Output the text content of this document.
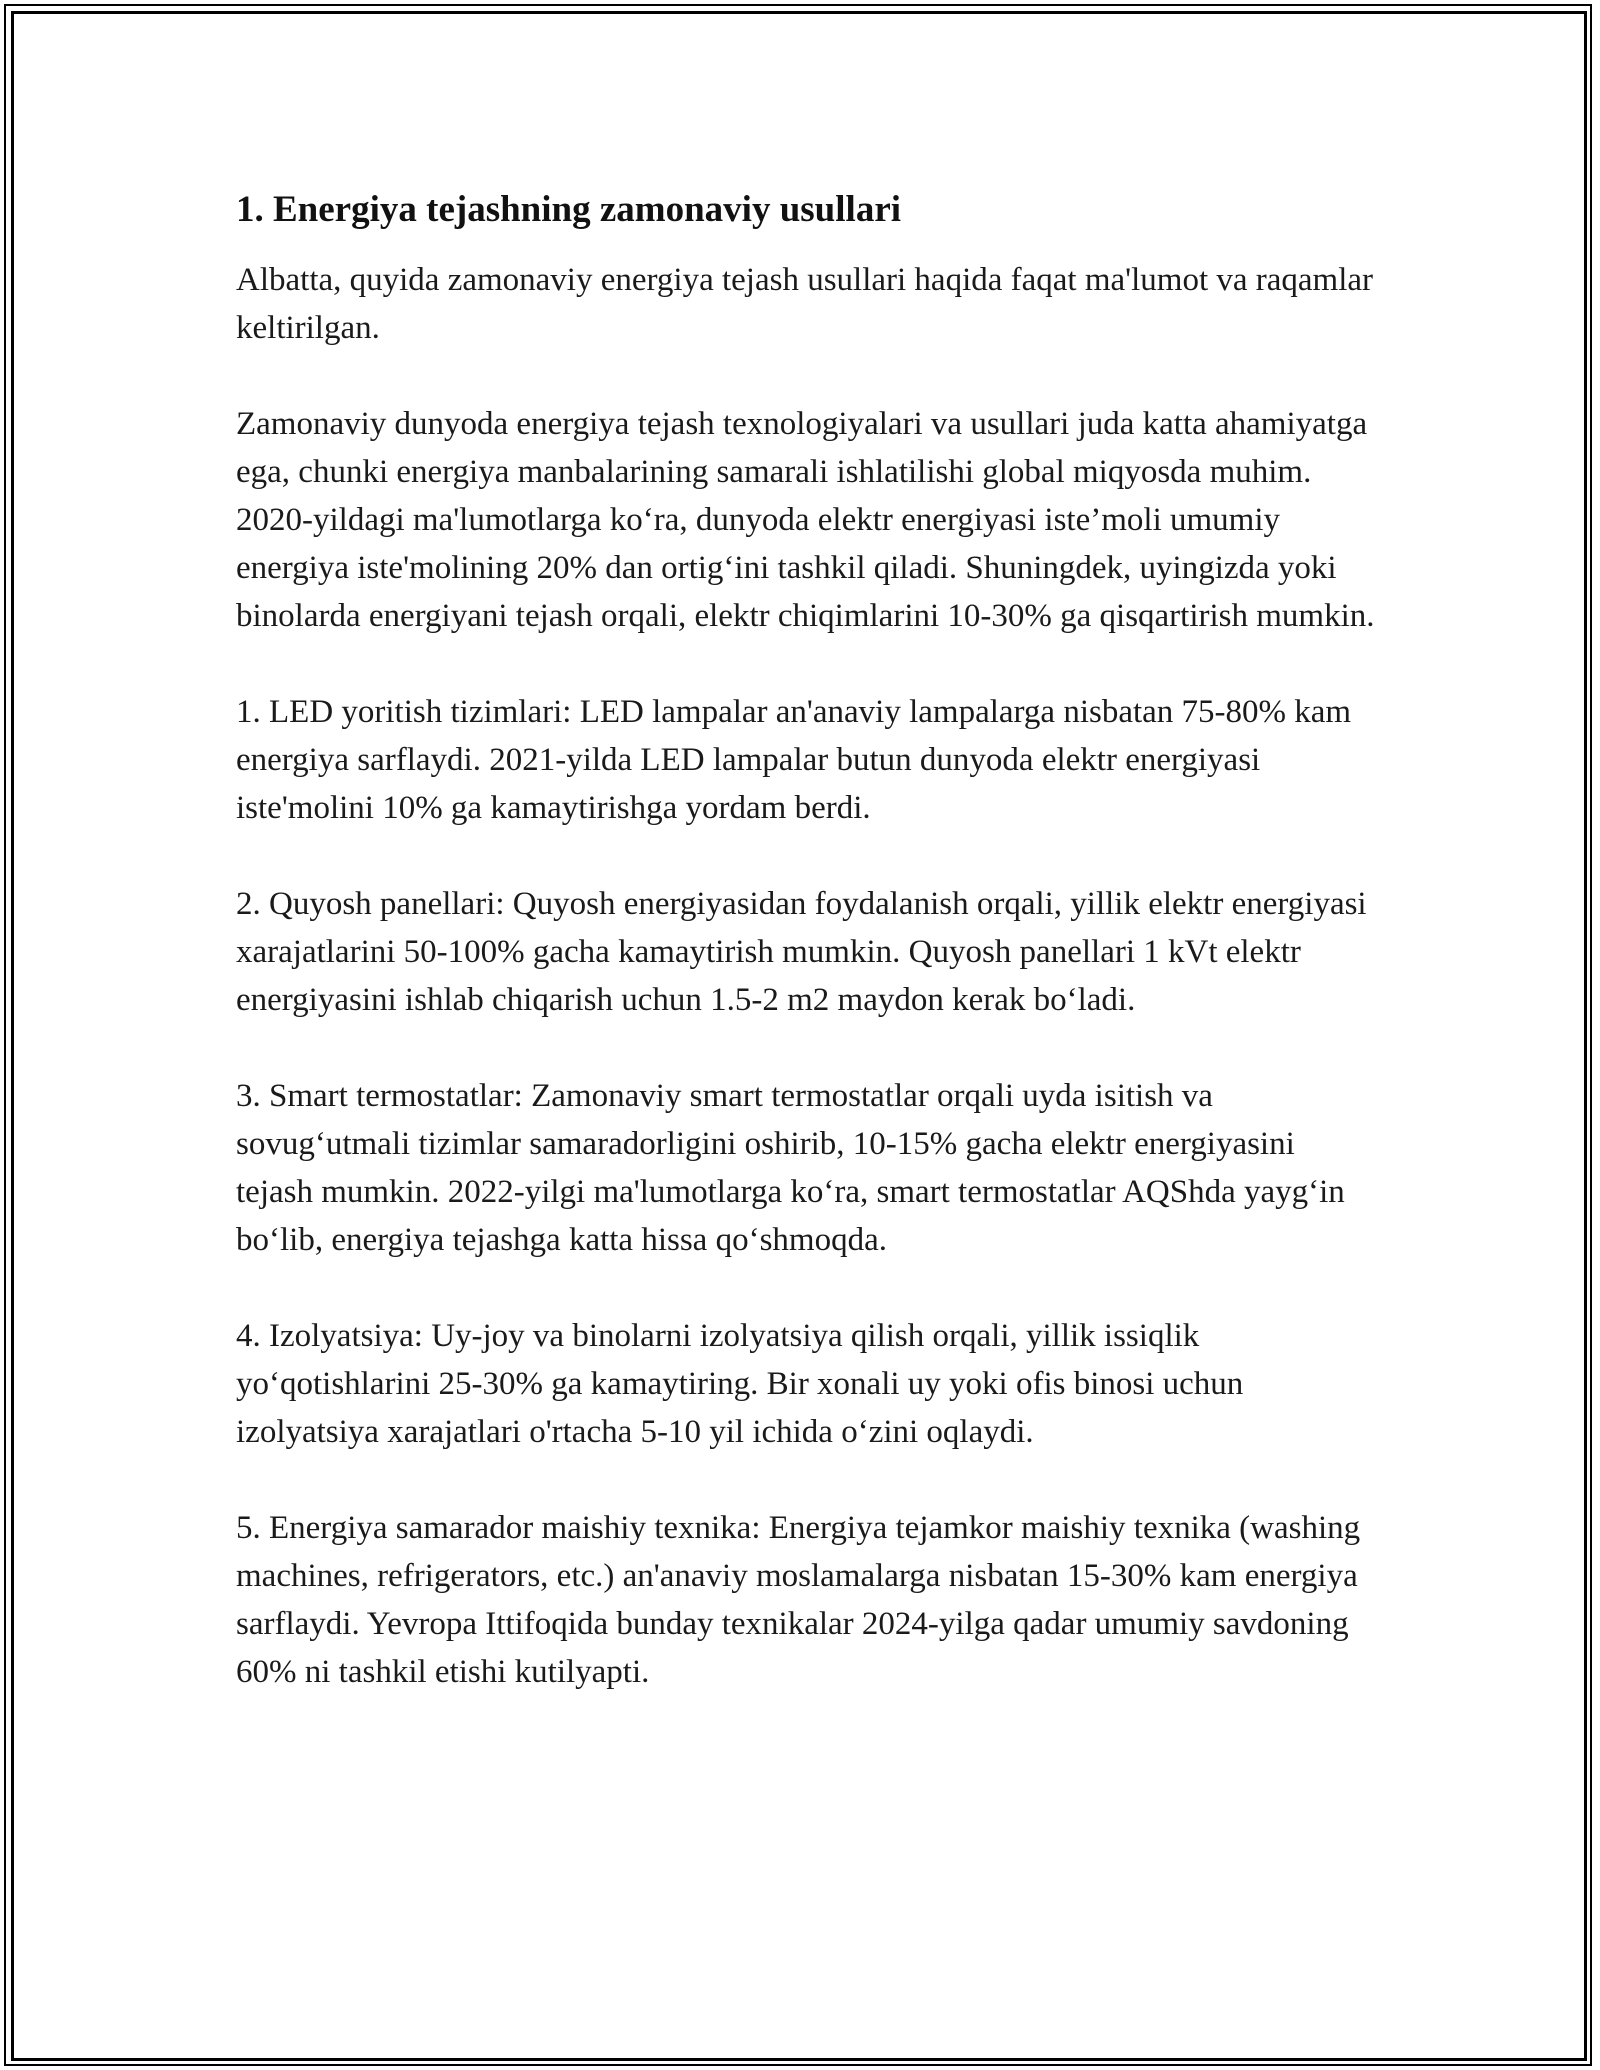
1. Energiya tejashning zamonaviy usullari

Albatta, quyida zamonaviy energiya tejash usullari haqida faqat ma'lumot va raqamlar keltirilgan.

Zamonaviy dunyoda energiya tejash texnologiyalari va usullari juda katta ahamiyatga ega, chunki energiya manbalarining samarali ishlatilishi global miqyosda muhim. 2020-yildagi ma'lumotlarga koʻra, dunyoda elektr energiyasi iste’moli umumiy energiya iste'molining 20% dan ortigʻini tashkil qiladi. Shuningdek, uyingizda yoki binolarda energiyani tejash orqali, elektr chiqimlarini 10-30% ga qisqartirish mumkin.

1. LED yoritish tizimlari: LED lampalar an'anaviy lampalarga nisbatan 75-80% kam energiya sarflaydi. 2021-yilda LED lampalar butun dunyoda elektr energiyasi iste'molini 10% ga kamaytirishga yordam berdi.

2. Quyosh panellari: Quyosh energiyasidan foydalanish orqali, yillik elektr energiyasi xarajatlarini 50-100% gacha kamaytirish mumkin. Quyosh panellari 1 kVt elektr energiyasini ishlab chiqarish uchun 1.5-2 m2 maydon kerak boʻladi.

3. Smart termostatlar: Zamonaviy smart termostatlar orqali uyda isitish va sovugʻutmali tizimlar samaradorligini oshirib, 10-15% gacha elektr energiyasini tejash mumkin. 2022-yilgi ma'lumotlarga koʻra, smart termostatlar AQShda yaygʻin boʻlib, energiya tejashga katta hissa qoʻshmoqda.

4. Izolyatsiya: Uy-joy va binolarni izolyatsiya qilish orqali, yillik issiqlik yoʻqotishlarini 25-30% ga kamaytiring. Bir xonali uy yoki ofis binosi uchun izolyatsiya xarajatlari o'rtacha 5-10 yil ichida oʻzini oqlaydi.

5. Energiya samarador maishiy texnika: Energiya tejamkor maishiy texnika (washing machines, refrigerators, etc.) an'anaviy moslamalarga nisbatan 15-30% kam energiya sarflaydi. Yevropa Ittifoqida bunday texnikalar 2024-yilga qadar umumiy savdoning 60% ni tashkil etishi kutilyapti.
